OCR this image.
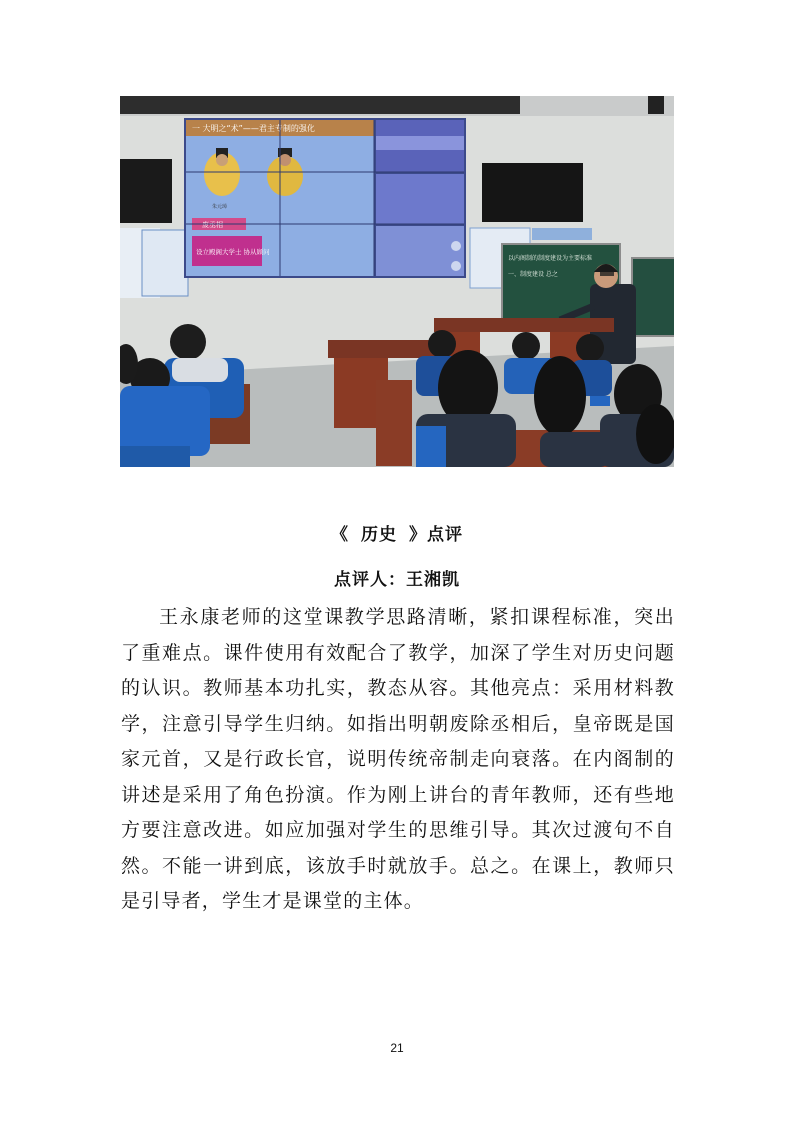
一 大明之“术”——君主专制的强化
朱元璋
废丞相
设立殿阁大学士 协从顾问
以内阁制的制度建设为主要标准
一、制度建设 总之
《 历史 》点评
点评人：王湘凯

王永康老师的这堂课教学思路清晰，紧扣课程标准，突出了重难点。课件使用有效配合了教学，加深了学生对历史问题的认识。教师基本功扎实，教态从容。其他亮点：采用材料教学，注意引导学生归纳。如指出明朝废除丞相后，皇帝既是国家元首，又是行政长官，说明传统帝制走向衰落。在内阁制的讲述是采用了角色扮演。作为刚上讲台的青年教师，还有些地方要注意改进。如应加强对学生的思维引导。其次过渡句不自然。不能一讲到底，该放手时就放手。总之。在课上，教师只是引导者，学生才是课堂的主体。

21
